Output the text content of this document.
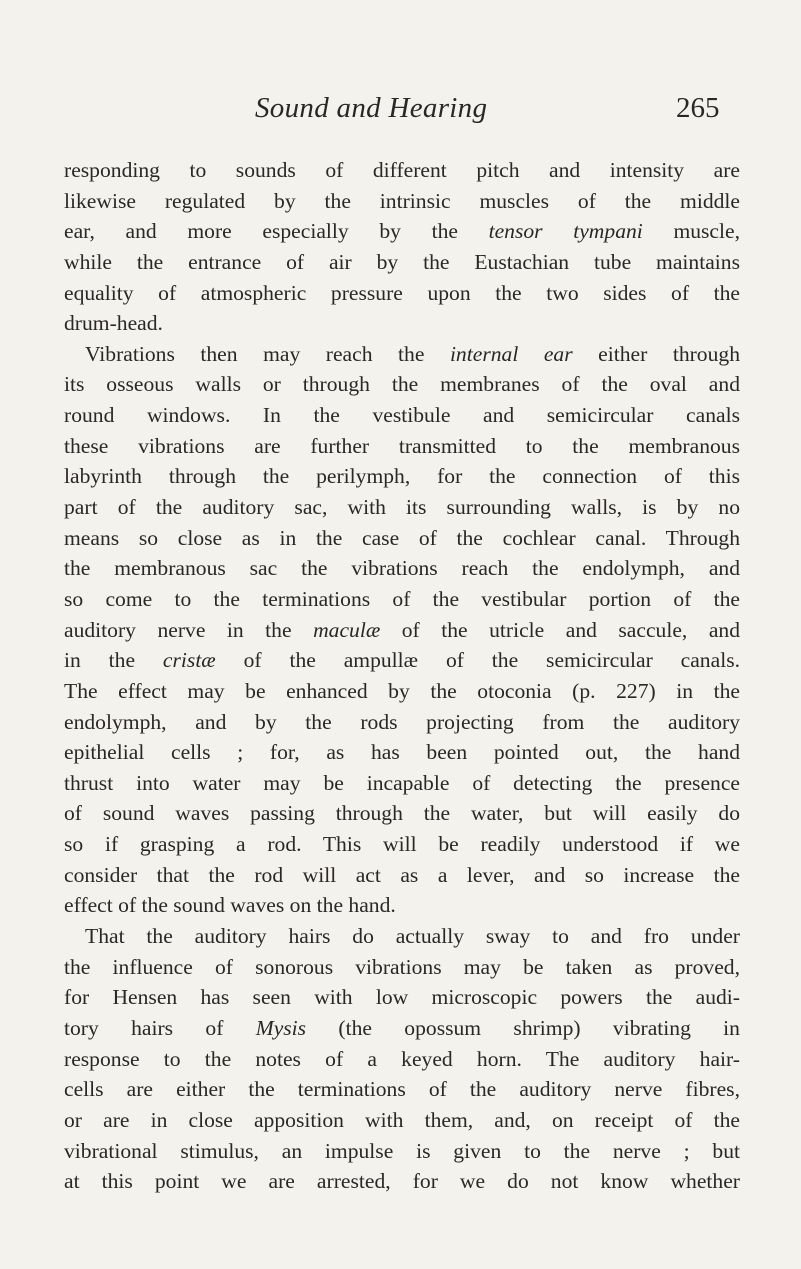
Sound and Hearing	265
responding to sounds of different pitch and intensity are
likewise regulated by the intrinsic muscles of the middle
ear, and more especially by the tensor tympani muscle,
while the entrance of air by the Eustachian tube maintains
equality of atmospheric pressure upon the two sides of the
drum-head.
Vibrations then may reach the internal ear either through
its osseous walls or through the membranes of the oval and
round windows. In the vestibule and semicircular canals
these vibrations are further transmitted to the membranous
labyrinth through the perilymph, for the connection of this
part of the auditory sac, with its surrounding walls, is by no
means so close as in the case of the cochlear canal. Through
the membranous sac the vibrations reach the endolymph, and
so come to the terminations of the vestibular portion of the
auditory nerve in the maculæ of the utricle and saccule, and
in the cristæ of the ampullæ of the semicircular canals.
The effect may be enhanced by the otoconia (p. 227) in the
endolymph, and by the rods projecting from the auditory
epithelial cells ; for, as has been pointed out, the hand
thrust into water may be incapable of detecting the presence
of sound waves passing through the water, but will easily do
so if grasping a rod. This will be readily understood if we
consider that the rod will act as a lever, and so increase the
effect of the sound waves on the hand.
That the auditory hairs do actually sway to and fro under
the influence of sonorous vibrations may be taken as proved,
for Hensen has seen with low microscopic powers the audi-
tory hairs of Mysis (the opossum shrimp) vibrating in
response to the notes of a keyed horn. The auditory hair-
cells are either the terminations of the auditory nerve fibres,
or are in close apposition with them, and, on receipt of the
vibrational stimulus, an impulse is given to the nerve ; but
at this point we are arrested, for we do not know whether
